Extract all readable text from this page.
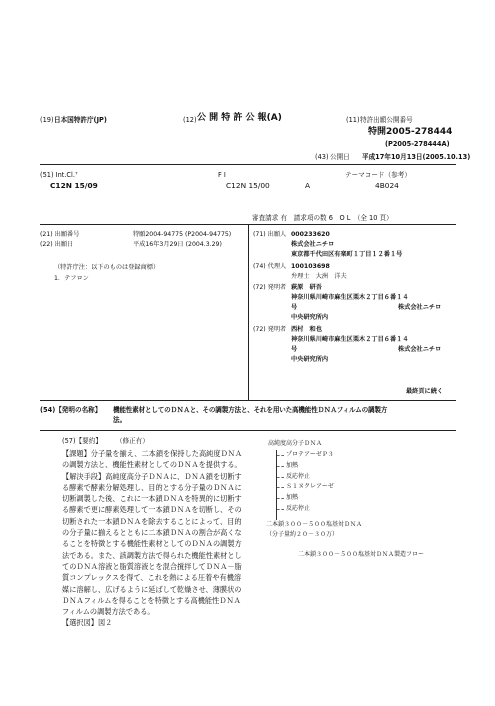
(19) 日本国特許庁(JP)	(12) 公 開 特 許 公 報(A)	(11) 特許出願公開番号
特開2005-278444
(P2005-278444A)
(43) 公開日 平成17年10月13日(2005.10.13)
(51) Int.Cl.⁷	F I	テーマコード（参考）
C12N 15/09	C12N 15/00	A	4B024
審査請求 有　請求項の数 6　O L　（全 10 頁）
(21) 出願番号	特願2004-94775 (P2004-94775)
(22) 出願日	平成16年3月29日 (2004.3.29)
（特許庁注：以下のものは登録商標）
1．テフロン
(71) 出願人 000233620
株式会社ニチロ
東京都千代田区有楽町１丁目１２番１号
(74) 代理人 100103698
弁理士　大洲　洋夫
(72) 発明者 萩原　研吾
神奈川県川崎市麻生区栗木２丁目６番１４
号	株式会社ニチロ
中央研究所内
(72) 発明者 西村　和也
神奈川県川崎市麻生区栗木２丁目６番１４
号	株式会社ニチロ
中央研究所内
最終頁に続く
(54)【発明の名称】 機能性素材としてのＤＮＡと、その調製方法と、それを用いた高機能性ＤＮＡフィルムの調製方
法。
(57)【要約】 （修正有）
【課題】分子量を揃え、二本鎖を保持した高純度ＤＮＡ
の調製方法と、機能性素材としてのＤＮＡを提供する。
【解決手段】高純度高分子ＤＮＡに、ＤＮＡ鎖を切断す
る酵素で酵素分解処理し、目的とする分子量のＤＮＡに
切断調製した後、これに一本鎖ＤＮＡを特異的に切断す
る酵素で更に酵素処理して一本鎖ＤＮＡを切断し、その
切断された一本鎖ＤＮＡを除去することによって、目的
の分子量に揃えるとともに二本鎖ＤＮＡの割合が高くな
ることを特徴とする機能性素材としてのＤＮＡの調製方
法である。また、該調製方法で得られた機能性素材とし
てのＤＮＡ溶液と脂質溶液とを混合撹拌してＤＮＡ－脂
質コンプレックスを得て、これを熱による圧着や有機溶
媒に溶解し、広げるように延ばして乾燥させ、薄膜状の
ＤＮＡフィルムを得ることを特徴とする高機能性ＤＮＡ
フィルムの調製方法である。
【選択図】図２
高純度高分子ＤＮＡ
プロテアーゼＰ３
加熱
反応停止
Ｓ１ヌクレアーゼ
加熱
反応停止
二本鎖３００－５００塩基対ＤＮＡ
（分子量約２０－３０万）
二本鎖３００－５００塩基対ＤＮＡ製造フロー
